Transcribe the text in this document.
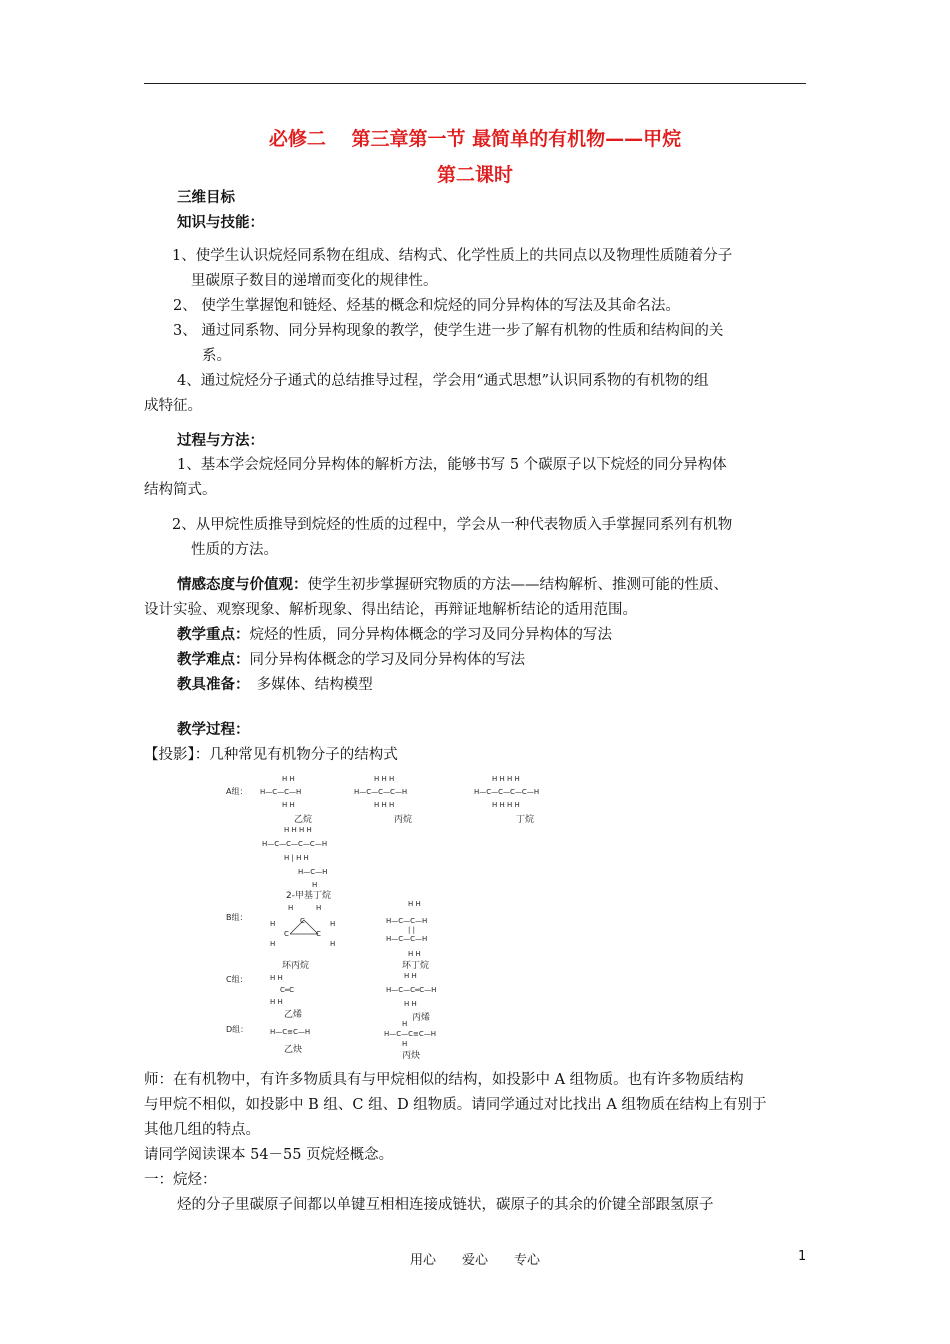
必修二　 第三章第一节 最简单的有机物——甲烷
第二课时
三维目标
知识与技能：
1、使学生认识烷烃同系物在组成、结构式、化学性质上的共同点以及物理性质随着分子
里碳原子数目的递增而变化的规律性。
2、 使学生掌握饱和链烃、烃基的概念和烷烃的同分异构体的写法及其命名法。
3、 通过同系物、同分异构现象的教学，使学生进一步了解有机物的性质和结构间的关
系。
4、通过烷烃分子通式的总结推导过程，学会用“通式思想”认识同系物的有机物的组
成特征。
过程与方法：
1、基本学会烷烃同分异构体的解析方法，能够书写 5 个碳原子以下烷烃的同分异构体
结构简式。
2、从甲烷性质推导到烷烃的性质的过程中，学会从一种代表物质入手掌握同系列有机物
性质的方法。
情感态度与价值观：使学生初步掌握研究物质的方法——结构解析、推测可能的性质、
设计实验、观察现象、解析现象、得出结论，再辩证地解析结论的适用范围。
教学重点：烷烃的性质，同分异构体概念的学习及同分异构体的写法
教学难点：同分异构体概念的学习及同分异构体的写法
教具准备：　多媒体、结构模型
教学过程：
【投影】：几种常见有机物分子的结构式
A组： H—C—C—H
H H
H H
乙烷
H—C—C—C—H
H H H
H H H
丙烷
H—C—C—C—C—H
H H H H
H H H H
丁烷
H H H H
H—C—C—C—C—H
H | H H
H—C—H
H
2-甲基丁烷
B组：	C
C	C
H	H
H	H
H	H
环丙烷
H H
H—C—C—H
| |
H—C—C—H
H H
环丁烷
C组：	H H
C═C
H H
乙烯
H H
H—C—C═C—H
H H
丙烯
D组：	H—C≡C—H
乙炔
H
H—C—C≡C—H
H
丙炔
师：在有机物中，有许多物质具有与甲烷相似的结构，如投影中 A 组物质。也有许多物质结构
与甲烷不相似，如投影中 B 组、C 组、D 组物质。请同学通过对比找出 A 组物质在结构上有别于
其他几组的特点。
请同学阅读课本 54－55 页烷烃概念。
一：烷烃：
烃的分子里碳原子间都以单键互相相连接成链状，碳原子的其余的价键全部跟氢原子
用心　　爱心　　专心	1
